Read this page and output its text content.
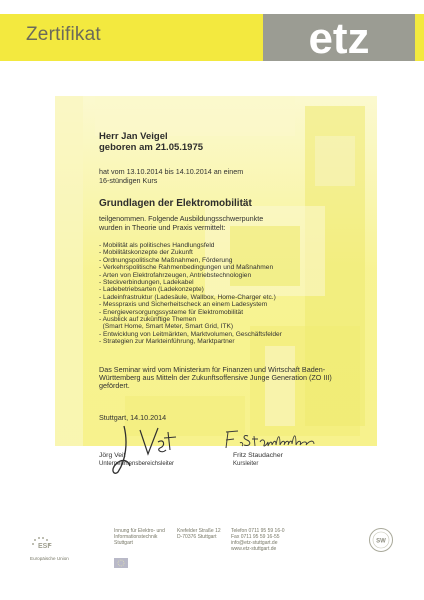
Zertifikat	etz
Herr Jan Veigel
geboren am 21.05.1975
hat vom 13.10.2014 bis 14.10.2014 an einem
16-stündigen Kurs
Grundlagen der Elektromobilität
teilgenommen. Folgende Ausbildungsschwerpunkte
wurden in Theorie und Praxis vermittelt:
- Mobilität als politisches Handlungsfeld
- Mobilitätskonzepte der Zukunft
- Ordnungspolitische Maßnahmen, Förderung
- Verkehrspolitische Rahmenbedingungen und Maßnahmen
- Arten von Elektrofahrzeugen, Antriebstechnologien
- Steckverbindungen, Ladekabel
- Ladebetriebsarten (Ladekonzepte)
- Ladeinfrastruktur (Ladesäule, Wallbox, Home-Charger etc.)
- Messpraxis und Sicherheitscheck an einem Ladesystem
- Energieversorgungssysteme für Elektromobilität
- Ausblick auf zukünftige Themen
(Smart Home, Smart Meter, Smart Grid, ITK)
- Entwicklung von Leitmärkten, Marktvolumen, Geschäftsfelder
- Strategien zur Markteinführung, Marktpartner
Das Seminar wird vom Ministerium für Finanzen und Wirtschaft Baden-
Württemberg aus Mitteln der Zukunftsoffensive Junge Generation (ZO III)
gefördert.
Stuttgart, 14.10.2014
Jörg Veit
Unternehmensbereichsleiter
Fritz Staudacher
Kursleiter
ESF
Europäische Union
Innung für Elektro- und
Informationstechnik
Stuttgart
Krefelder Straße 12
D-70376 Stuttgart
Telefon 0711 95 59 16-0
Fax 0711 95 59 16-55
info@etz-stuttgart.de
www.etz-stuttgart.de
SW
